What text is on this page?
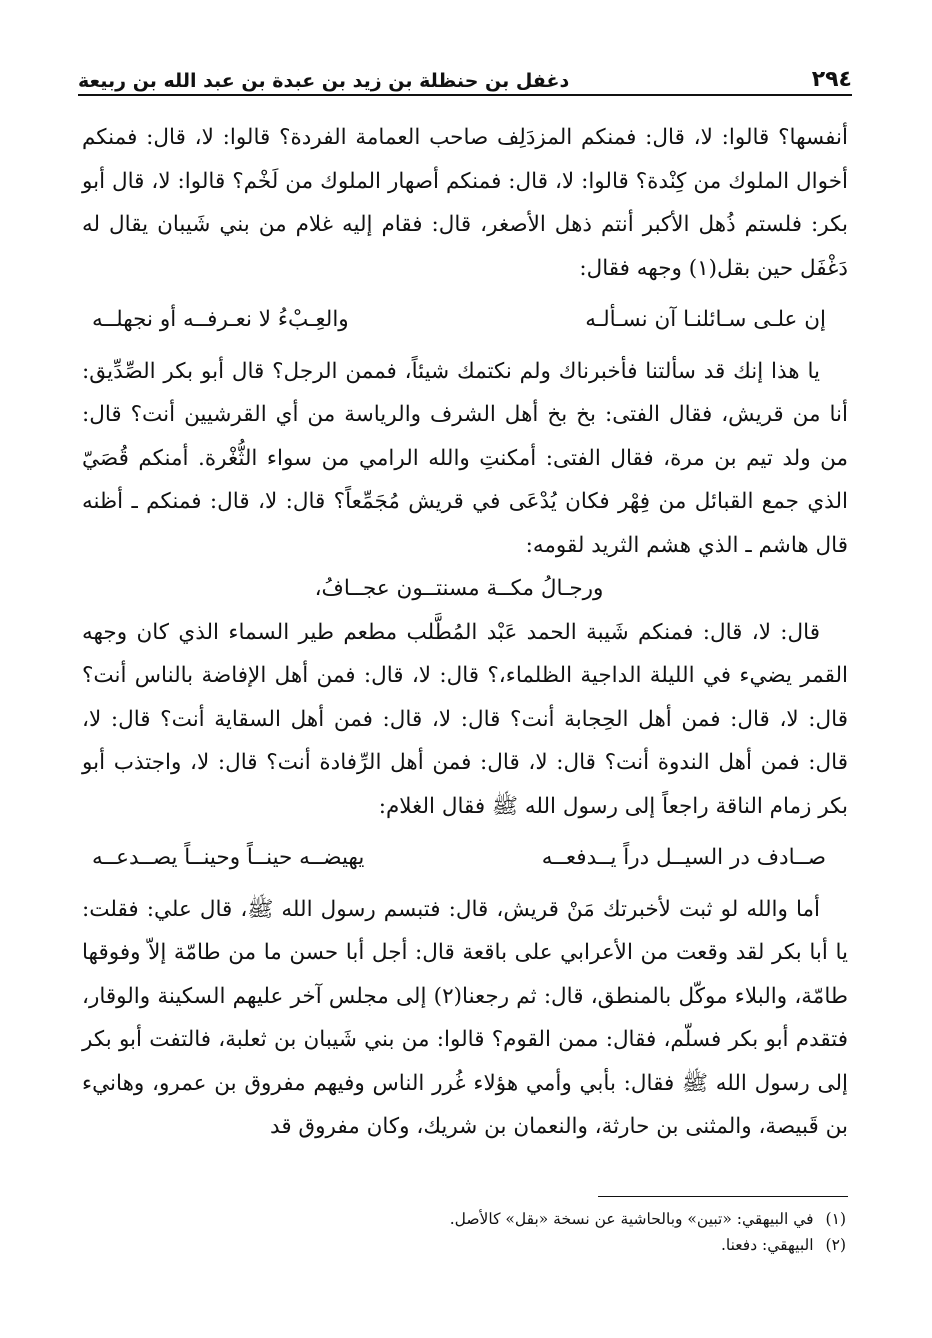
٢٩٤
دغفل بن حنظلة بن زيد بن عبدة بن عبد الله بن ربيعة

أنفسها؟ قالوا: لا، قال: فمنكم المزدَلِف صاحب العمامة الفردة؟ قالوا: لا، قال: فمنكم أخوال الملوك من كِنْدة؟ قالوا: لا، قال: فمنكم أصهار الملوك من لَخْم؟ قالوا: لا، قال أبو بكر: فلستم ذُهل الأكبر أنتم ذهل الأصغر، قال: فقام إليه غلام من بني شَيبان يقال له دَغْفَل حين بقل(١) وجهه فقال:

إن علـى سـائلنـا آن نسـألـه
والعِـبْءُ لا نعـرفــه أو نجهلــه

يا هذا إنك قد سألتنا فأخبرناك ولم نكتمك شيئاً، فممن الرجل؟ قال أبو بكر الصِّدِّيق: أنا من قريش، فقال الفتى: بخ بخ أهل الشرف والرياسة من أي القرشيين أنت؟ قال: من ولد تيم بن مرة، فقال الفتى: أمكنتِ والله الرامي من سواء الثُّغْرة. أمنكم قُصَيّ الذي جمع القبائل من فِهْر فكان يُدْعَى في قريش مُجَمِّعاً؟ قال: لا، قال: فمنكم ـ أظنه قال هاشم ـ الذي هشم الثريد لقومه:

ورجـالُ مكــة مسنتــون عجــافُ،

قال: لا، قال: فمنكم شَيبة الحمد عَبْد المُطَّلب مطعم طير السماء الذي كان وجهه القمر يضيء في الليلة الداجية الظلماء،؟ قال: لا، قال: فمن أهل الإفاضة بالناس أنت؟ قال: لا، قال: فمن أهل الحِجابة أنت؟ قال: لا، قال: فمن أهل السقاية أنت؟ قال: لا، قال: فمن أهل الندوة أنت؟ قال: لا، قال: فمن أهل الرِّفادة أنت؟ قال: لا، واجتذب أبو بكر زمام الناقة راجعاً إلى رسول الله ﷺ فقال الغلام:

صــادف در السيــل دراً يــدفعــه
يهيضــه حينــاً وحينــاً يصــدعــه

أما والله لو ثبت لأخبرتك مَنْ قريش، قال: فتبسم رسول الله ﷺ، قال علي: فقلت: يا أبا بكر لقد وقعت من الأعرابي على باقعة قال: أجل أبا حسن ما من طامّة إلاّ وفوقها طامّة، والبلاء موكّل بالمنطق، قال: ثم رجعنا(٢) إلى مجلس آخر عليهم السكينة والوقار، فتقدم أبو بكر فسلّم، فقال: ممن القوم؟ قالوا: من بني شَيبان بن ثعلبة، فالتفت أبو بكر إلى رسول الله ﷺ فقال: بأبي وأمي هؤلاء غُرر الناس وفيهم مفروق بن عمرو، وهانيء بن قَبيصة، والمثنى بن حارثة، والنعمان بن شريك، وكان مفروق قد

(١)
في البيهقي: «تبين» وبالحاشية عن نسخة «بقل» كالأصل.
(٢)
البيهقي: دفعنا.
